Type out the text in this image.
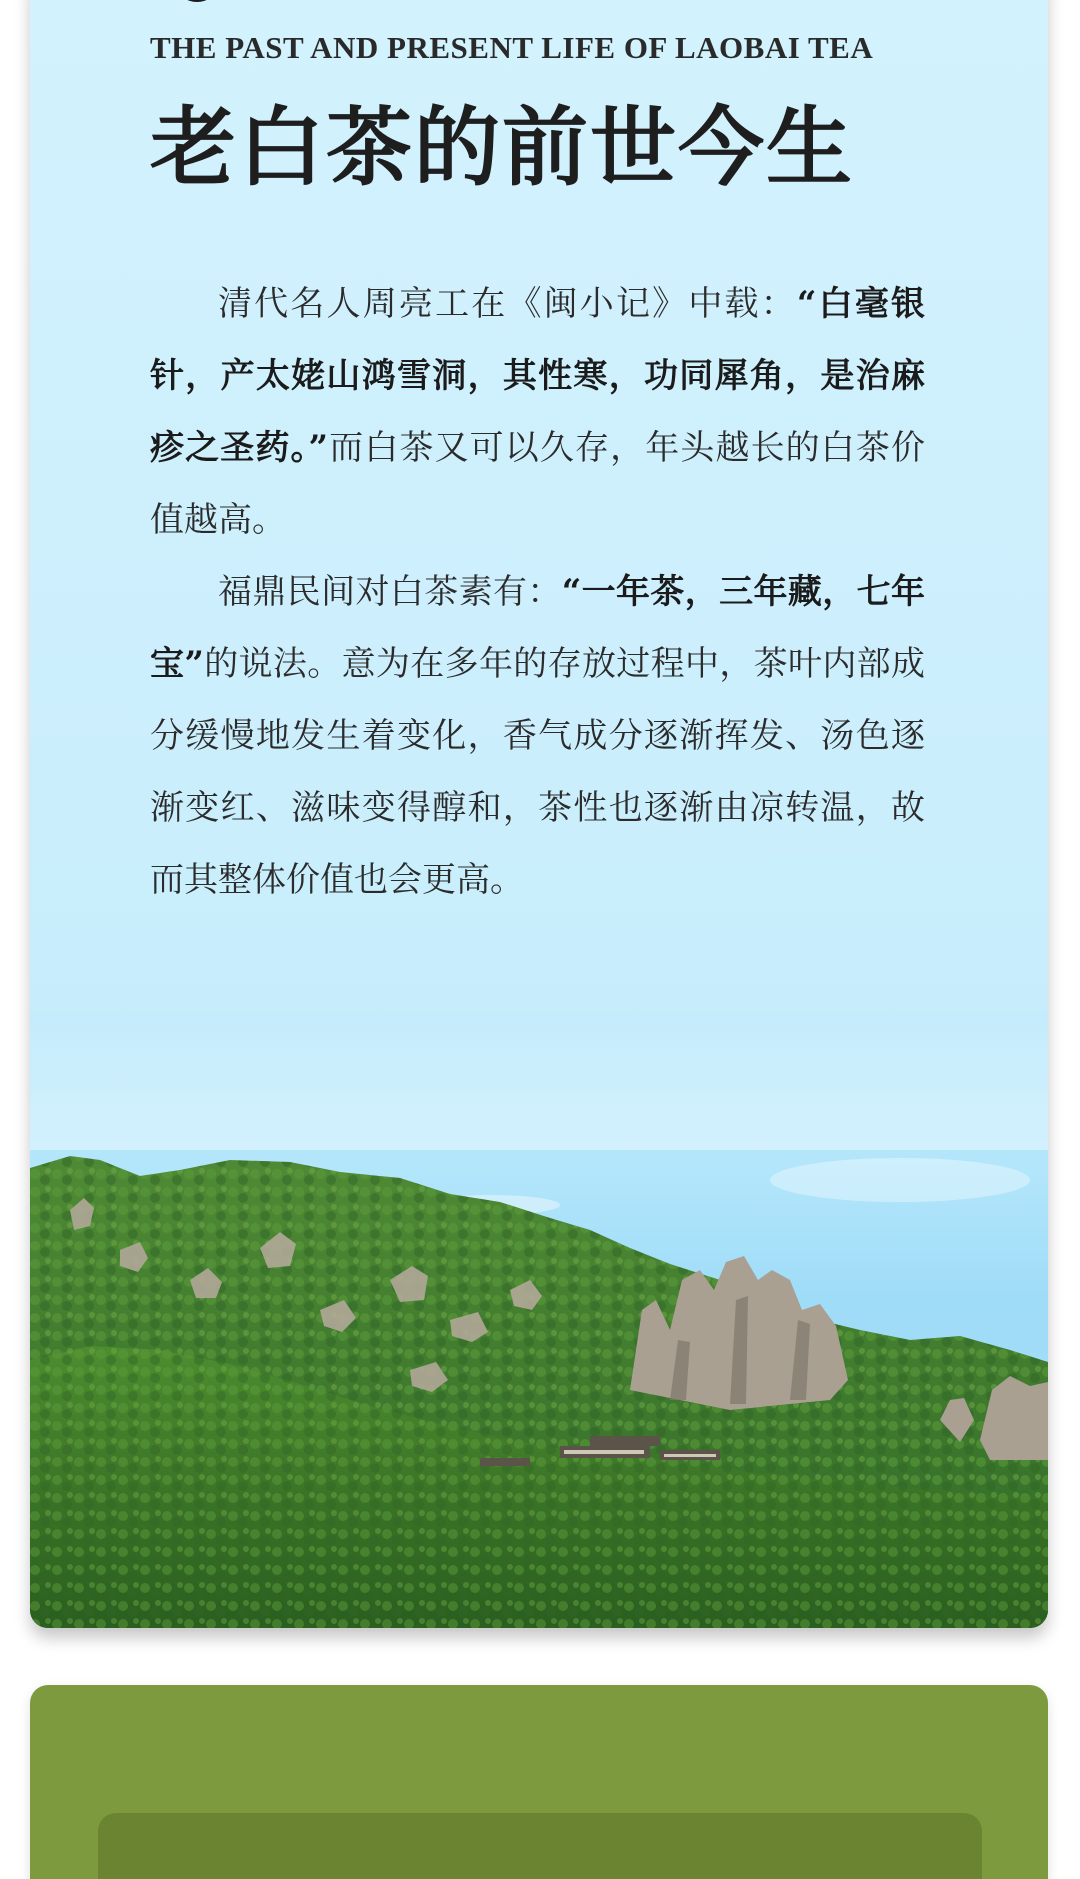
THE PAST AND PRESENT LIFE OF LAOBAI TEA
老白茶的前世今生

清代名人周亮工在《闽小记》中载：“白毫银针，产太姥山鸿雪洞，其性寒，功同犀角，是治麻疹之圣药。”而白茶又可以久存，年头越长的白茶价值越高。

福鼎民间对白茶素有：“一年茶，三年藏，七年宝”的说法。意为在多年的存放过程中，茶叶内部成分缓慢地发生着变化，香气成分逐渐挥发、汤色逐渐变红、滋味变得醇和，茶性也逐渐由凉转温，故而其整体价值也会更高。
